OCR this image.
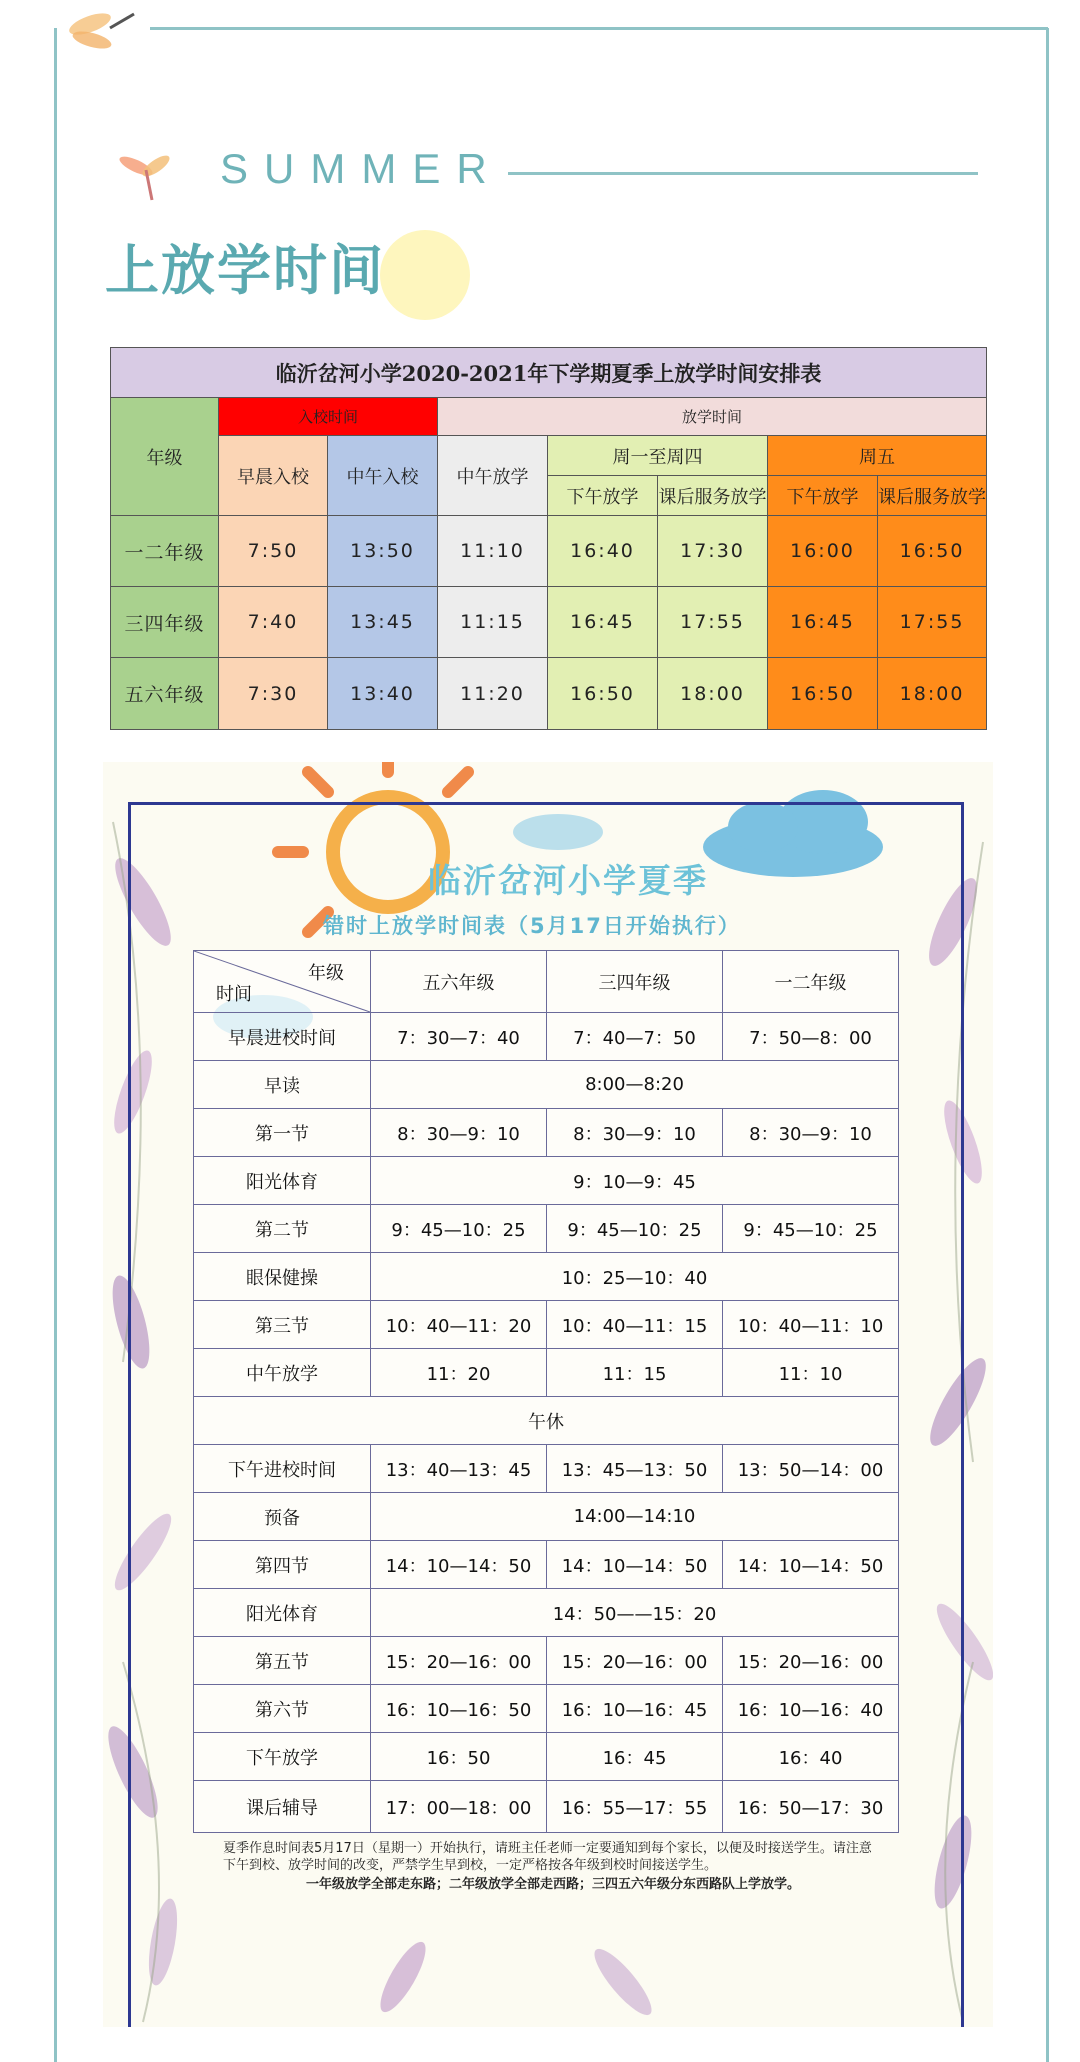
SUMMER
上放学时间
临沂岔河小学2020-2021年下学期夏季上放学时间安排表							
年级	入校时间		放学时间				
	早晨入校	中午入校	中午放学	周一至周四		周五	
				下午放学	课后服务放学	下午放学	课后服务放学
一二年级	7:50	13:50	11:10	16:40	17:30	16:00	16:50
三四年级	7:40	13:45	11:15	16:45	17:55	16:45	17:55
五六年级	7:30	13:40	11:20	16:50	18:00	16:50	18:00
临沂岔河小学夏季
错时上放学时间表（5月17日开始执行）
年级
时间	五六年级	三四年级	一二年级
早晨进校时间	7：30—7：40	7：40—7：50	7：50—8：00
早读	8:00—8:20		
第一节	8：30—9：10	8：30—9：10	8：30—9：10
阳光体育	9：10—9：45		
第二节	9：45—10：25	9：45—10：25	9：45—10：25
眼保健操	10：25—10：40		
第三节	10：40—11：20	10：40—11：15	10：40—11：10
中午放学	11：20	11：15	11：10
午休			
下午进校时间	13：40—13：45	13：45—13：50	13：50—14：00
预备	14:00—14:10		
第四节	14：10—14：50	14：10—14：50	14：10—14：50
阳光体育	14：50——15：20		
第五节	15：20—16：00	15：20—16：00	15：20—16：00
第六节	16：10—16：50	16：10—16：45	16：10—16：40
下午放学	16：50	16：45	16：40
课后辅导	17：00—18：00	16：55—17：55	16：50—17：30

夏季作息时间表5月17日（星期一）开始执行，请班主任老师一定要通知到每个家长，以便及时接送学生。请注意下午到校、放学时间的改变，严禁学生早到校，一定严格按各年级到校时间接送学生。

一年级放学全部走东路；二年级放学全部走西路；三四五六年级分东西路队上学放学。
